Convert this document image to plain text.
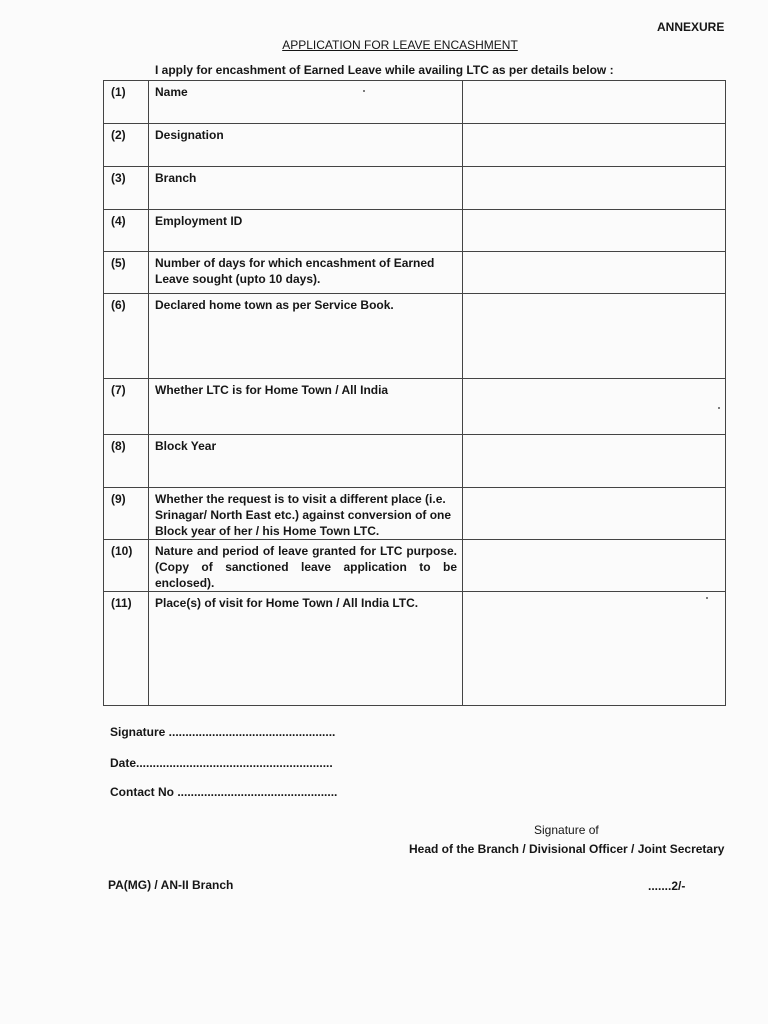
ANNEXURE
APPLICATION FOR LEAVE ENCASHMENT
I apply for encashment of Earned Leave while availing LTC as per details below :
(1)	Name	
(2)	Designation	
(3)	Branch	
(4)	Employment ID	
(5)	Number of days for which encashment of Earned Leave sought (upto 10 days).	
(6)	Declared home town as per Service Book.	
(7)	Whether LTC is for Home Town / All India	
(8)	Block Year	
(9)	Whether the request is to visit a different place (i.e. Srinagar/ North East etc.) against conversion of one Block year of her / his Home Town LTC.	
(10)	Nature and period of leave granted for LTC purpose. (Copy of sanctioned leave application to be enclosed).	
(11)	Place(s) of visit for Home Town / All India LTC.	
Signature ..................................................
Date...........................................................
Contact No ................................................
Signature of
Head of the Branch / Divisional Officer / Joint Secretary
PA(MG) / AN-II Branch	.......2/-
